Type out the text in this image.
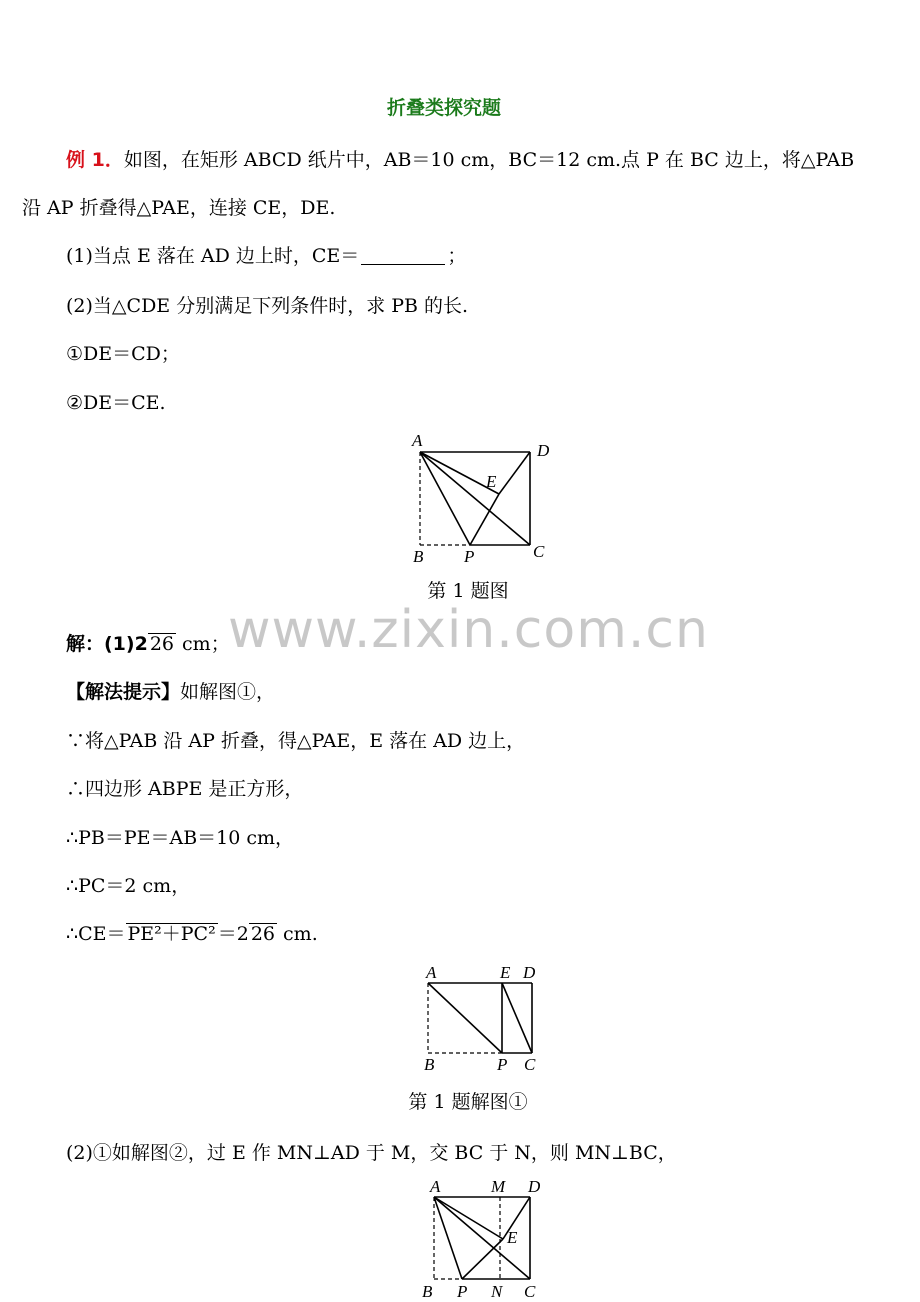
折叠类探究题
例 1．如图，在矩形 ABCD 纸片中，AB＝10 cm，BC＝12 cm.点 P 在 BC 边上，将△PAB
沿 AP 折叠得△PAE，连接 CE，DE.
(1)当点 E 落在 AD 边上时，CE＝	；
(2)当△CDE 分别满足下列条件时，求 PB 的长.
①DE＝CD；
②DE＝CE.
A
D
E
B P	C
第 1 题图
www.zixin.com.cn
解：(1)2 26 cm；
【解法提示】如解图①，
∵将△PAB 沿 AP 折叠，得△PAE，E 落在 AD 边上，
∴四边形 ABPE 是正方形，
∴PB＝PE＝AB＝10 cm，
∴PC＝2 cm，
∴CE＝ PE²＋PC² ＝2 26 cm.
A	E D
B	P C
第 1 题解图①
(2)①如解图②，过 E 作 MN⊥AD 于 M，交 BC 于 N，则 MN⊥BC，
A	M D
E
B P N C
